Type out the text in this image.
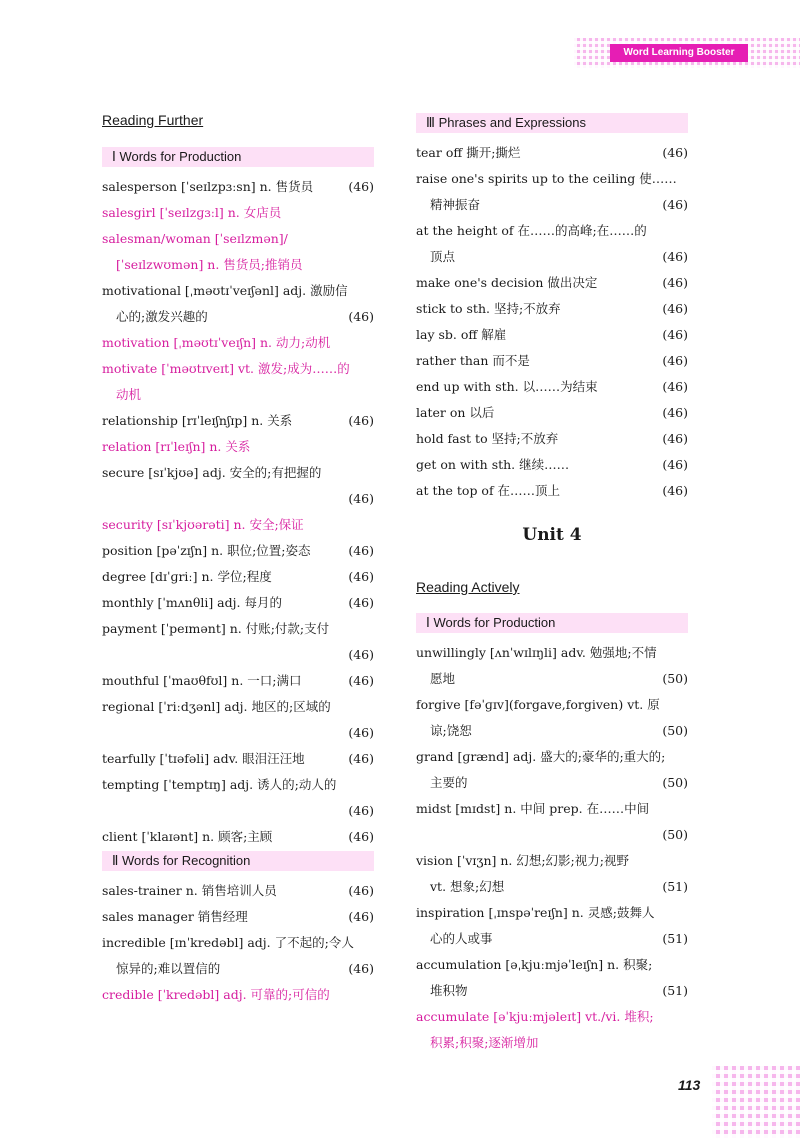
Word Learning Booster
Reading Further
Ⅰ Words for Production
salesperson [ˈseɪlzpɜːsn] n. 售货员	(46)
salesgirl [ˈseɪlzɡɜːl] n. 女店员
salesman/woman [ˈseɪlzmən]/
[ˈseɪlzwʊmən] n. 售货员;推销员
motivational [ˌməʊtɪˈveɪʃənl] adj. 激励信
心的;激发兴趣的	(46)
motivation [ˌməʊtɪˈveɪʃn] n. 动力;动机
motivate [ˈməʊtɪveɪt] vt. 激发;成为……的
动机
relationship [rɪˈleɪʃnʃɪp] n. 关系	(46)
relation [rɪˈleɪʃn] n. 关系
secure [sɪˈkjʊə] adj. 安全的;有把握的
(46)
security [sɪˈkjʊərəti] n. 安全;保证
position [pəˈzɪʃn] n. 职位;位置;姿态	(46)
degree [dɪˈɡriː] n. 学位;程度	(46)
monthly [ˈmʌnθli] adj. 每月的	(46)
payment [ˈpeɪmənt] n. 付账;付款;支付
(46)
mouthful [ˈmaʊθfʊl] n. 一口;满口	(46)
regional [ˈriːdʒənl] adj. 地区的;区域的
(46)
tearfully [ˈtɪəfəli] adv. 眼泪汪汪地	(46)
tempting [ˈtemptɪŋ] adj. 诱人的;动人的
(46)
client [ˈklaɪənt] n. 顾客;主顾	(46)
Ⅱ Words for Recognition
sales-trainer n. 销售培训人员	(46)
sales manager 销售经理	(46)
incredible [ɪnˈkredəbl] adj. 了不起的;令人
惊异的;难以置信的	(46)
credible [ˈkredəbl] adj. 可靠的;可信的
Ⅲ Phrases and Expressions
tear off 撕开;撕烂	(46)
raise one's spirits up to the ceiling 使……
精神振奋	(46)
at the height of 在……的高峰;在……的
顶点	(46)
make one's decision 做出决定	(46)
stick to sth. 坚持;不放弃	(46)
lay sb. off 解雇	(46)
rather than 而不是	(46)
end up with sth. 以……为结束	(46)
later on 以后	(46)
hold fast to 坚持;不放弃	(46)
get on with sth. 继续……	(46)
at the top of 在……顶上	(46)
Unit 4
Reading Actively
Ⅰ Words for Production
unwillingly [ʌnˈwɪlɪŋli] adv. 勉强地;不情
愿地	(50)
forgive [fəˈɡɪv](forgave,forgiven) vt. 原
谅;饶恕	(50)
grand [ɡrænd] adj. 盛大的;豪华的;重大的;
主要的	(50)
midst [mɪdst] n. 中间 prep. 在……中间
(50)
vision [ˈvɪʒn] n. 幻想;幻影;视力;视野
vt. 想象;幻想	(51)
inspiration [ˌɪnspəˈreɪʃn] n. 灵感;鼓舞人
心的人或事	(51)
accumulation [əˌkjuːmjəˈleɪʃn] n. 积聚;
堆积物	(51)
accumulate [əˈkjuːmjəleɪt] vt./vi. 堆积;
积累;积聚;逐渐增加
113
